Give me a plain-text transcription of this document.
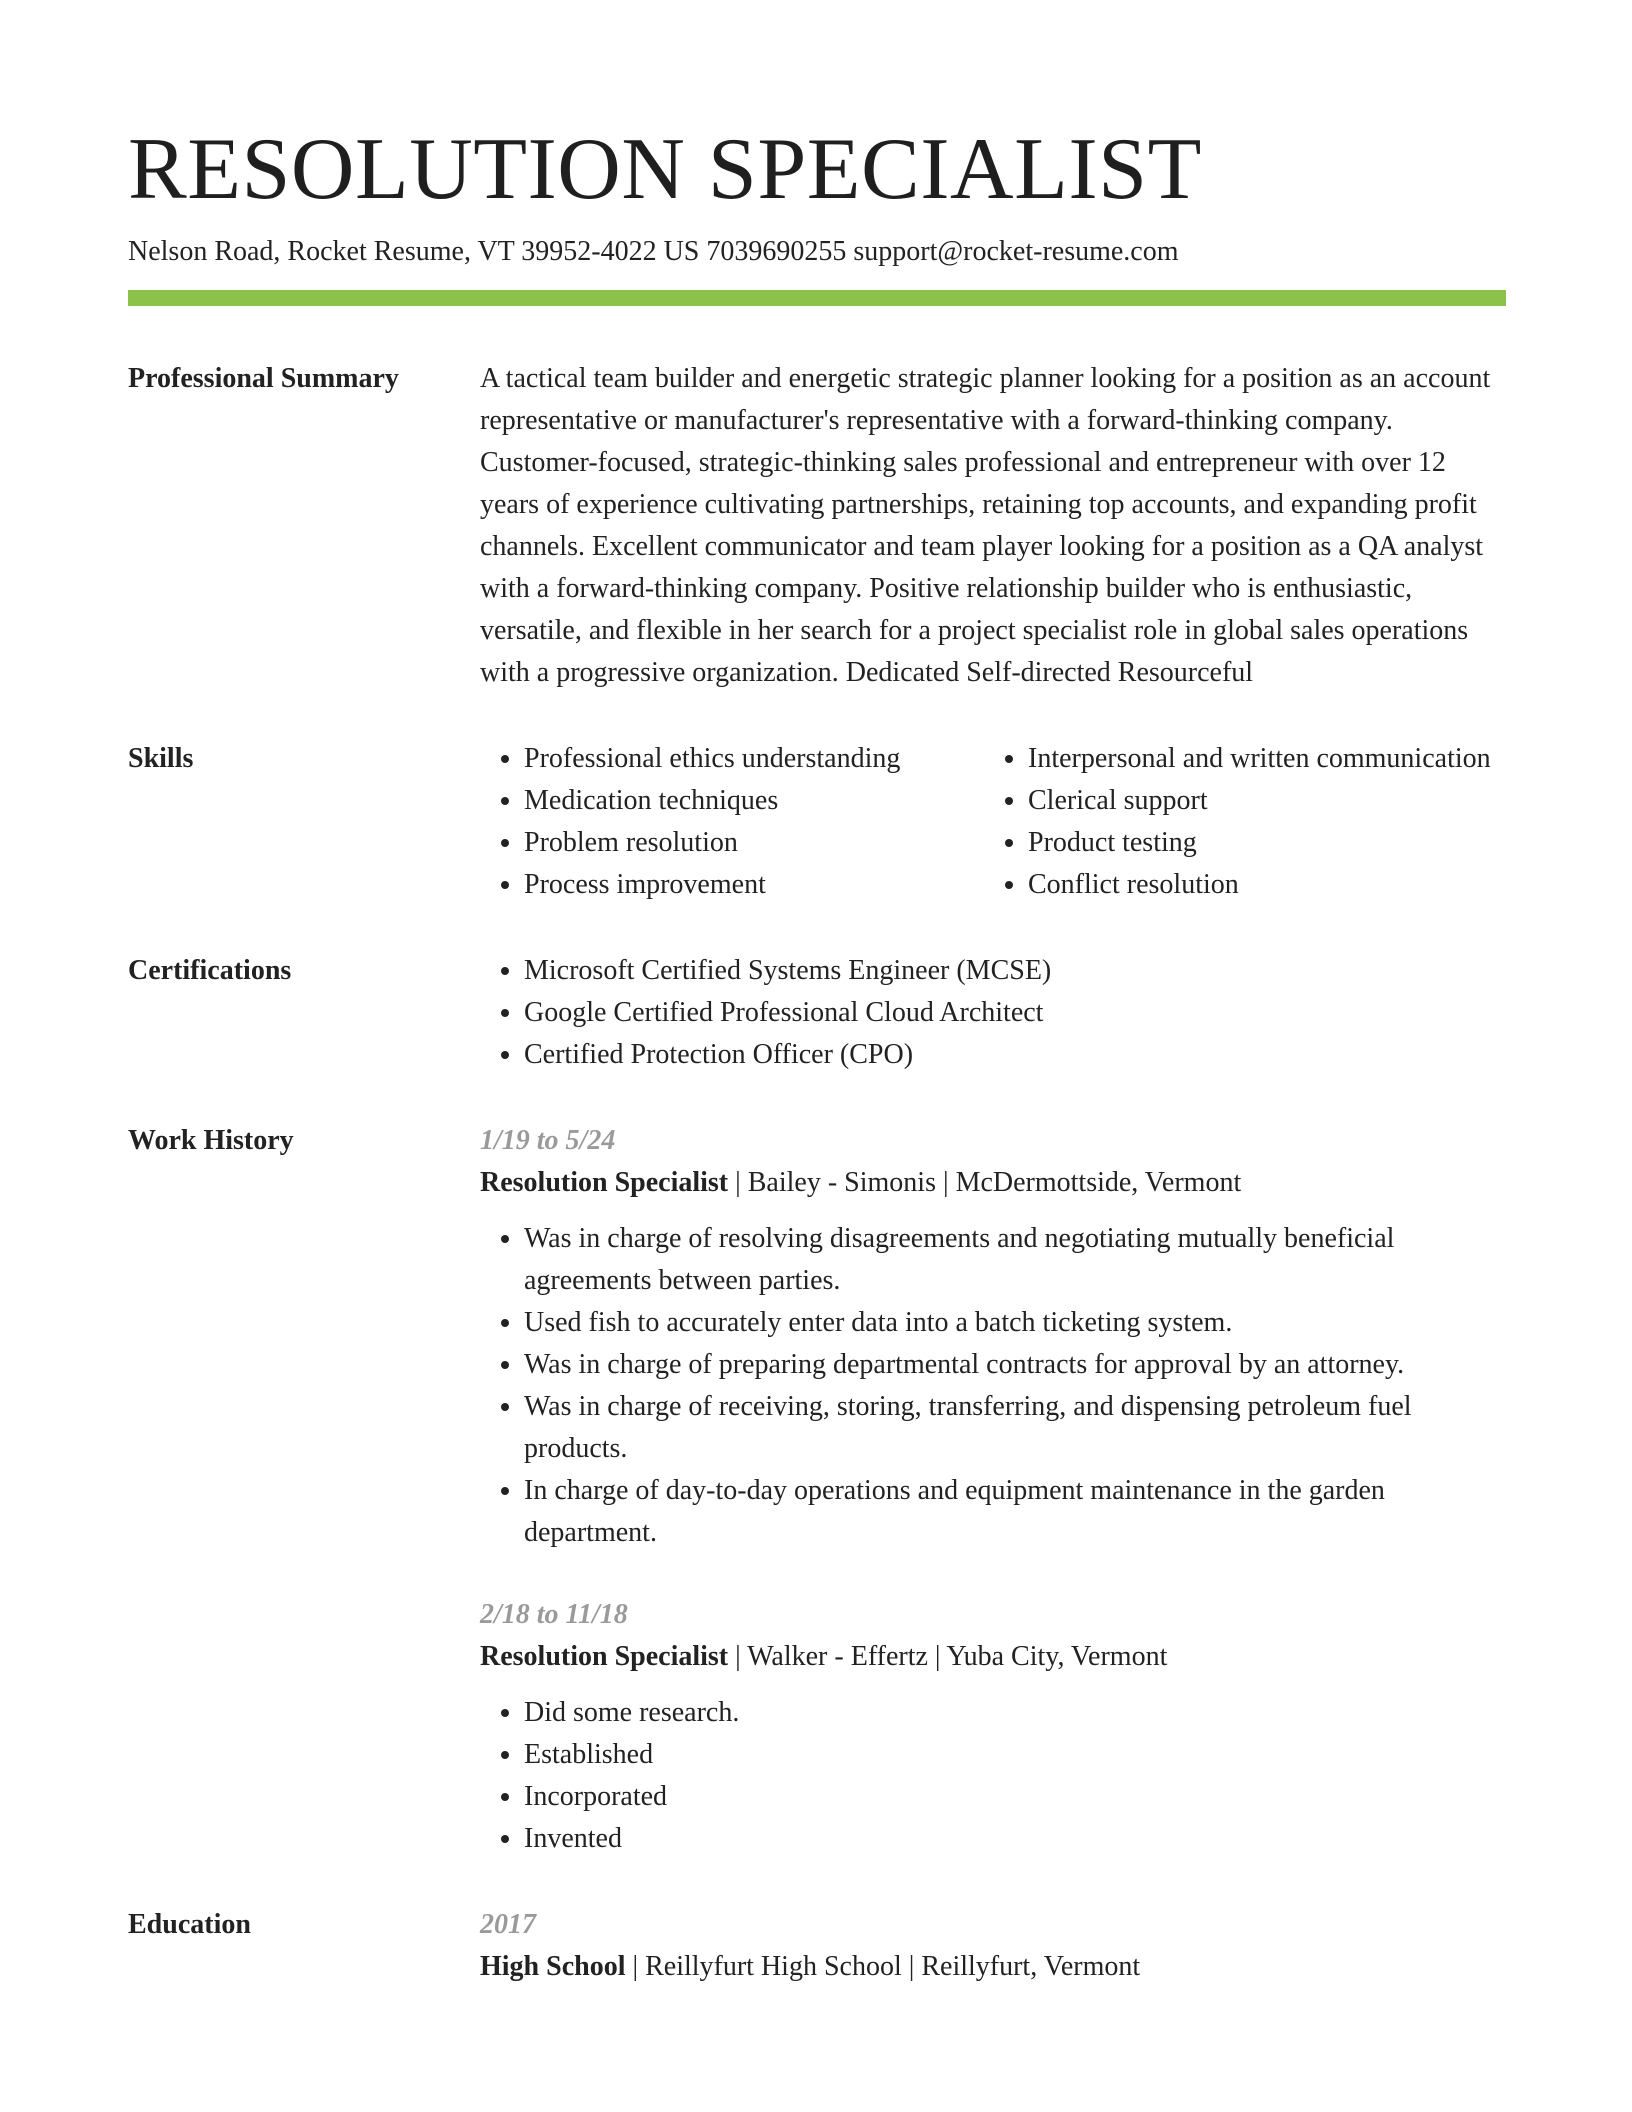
RESOLUTION SPECIALIST
Nelson Road, Rocket Resume, VT 39952-4022 US 7039690255 support@rocket-resume.com
Professional Summary	A tactical team builder and energetic strategic planner looking for a position as an account representative or manufacturer's representative with a forward-thinking company. Customer-focused, strategic-thinking sales professional and entrepreneur with over 12 years of experience cultivating partnerships, retaining top accounts, and expanding profit channels. Excellent communicator and team player looking for a position as a QA analyst with a forward-thinking company. Positive relationship builder who is enthusiastic, versatile, and flexible in her search for a project specialist role in global sales operations with a progressive organization. Dedicated Self-directed Resourceful

Skills	• Professional ethics understanding
• Medication techniques
• Problem resolution
• Process improvement
• Interpersonal and written communication
• Clerical support
• Product testing
• Conflict resolution
Certifications	• Microsoft Certified Systems Engineer (MCSE)
• Google Certified Professional Cloud Architect
• Certified Protection Officer (CPO)
Work History	1/19 to 5/24
Resolution Specialist | Bailey - Simonis | McDermottside, Vermont
• Was in charge of resolving disagreements and negotiating mutually beneficial agreements between parties.
• Used fish to accurately enter data into a batch ticketing system.
• Was in charge of preparing departmental contracts for approval by an attorney.
• Was in charge of receiving, storing, transferring, and dispensing petroleum fuel products.
• In charge of day-to-day operations and equipment maintenance in the garden department.
2/18 to 11/18
Resolution Specialist | Walker - Effertz | Yuba City, Vermont
• Did some research.
• Established
• Incorporated
• Invented
Education	2017
High School | Reillyfurt High School | Reillyfurt, Vermont
